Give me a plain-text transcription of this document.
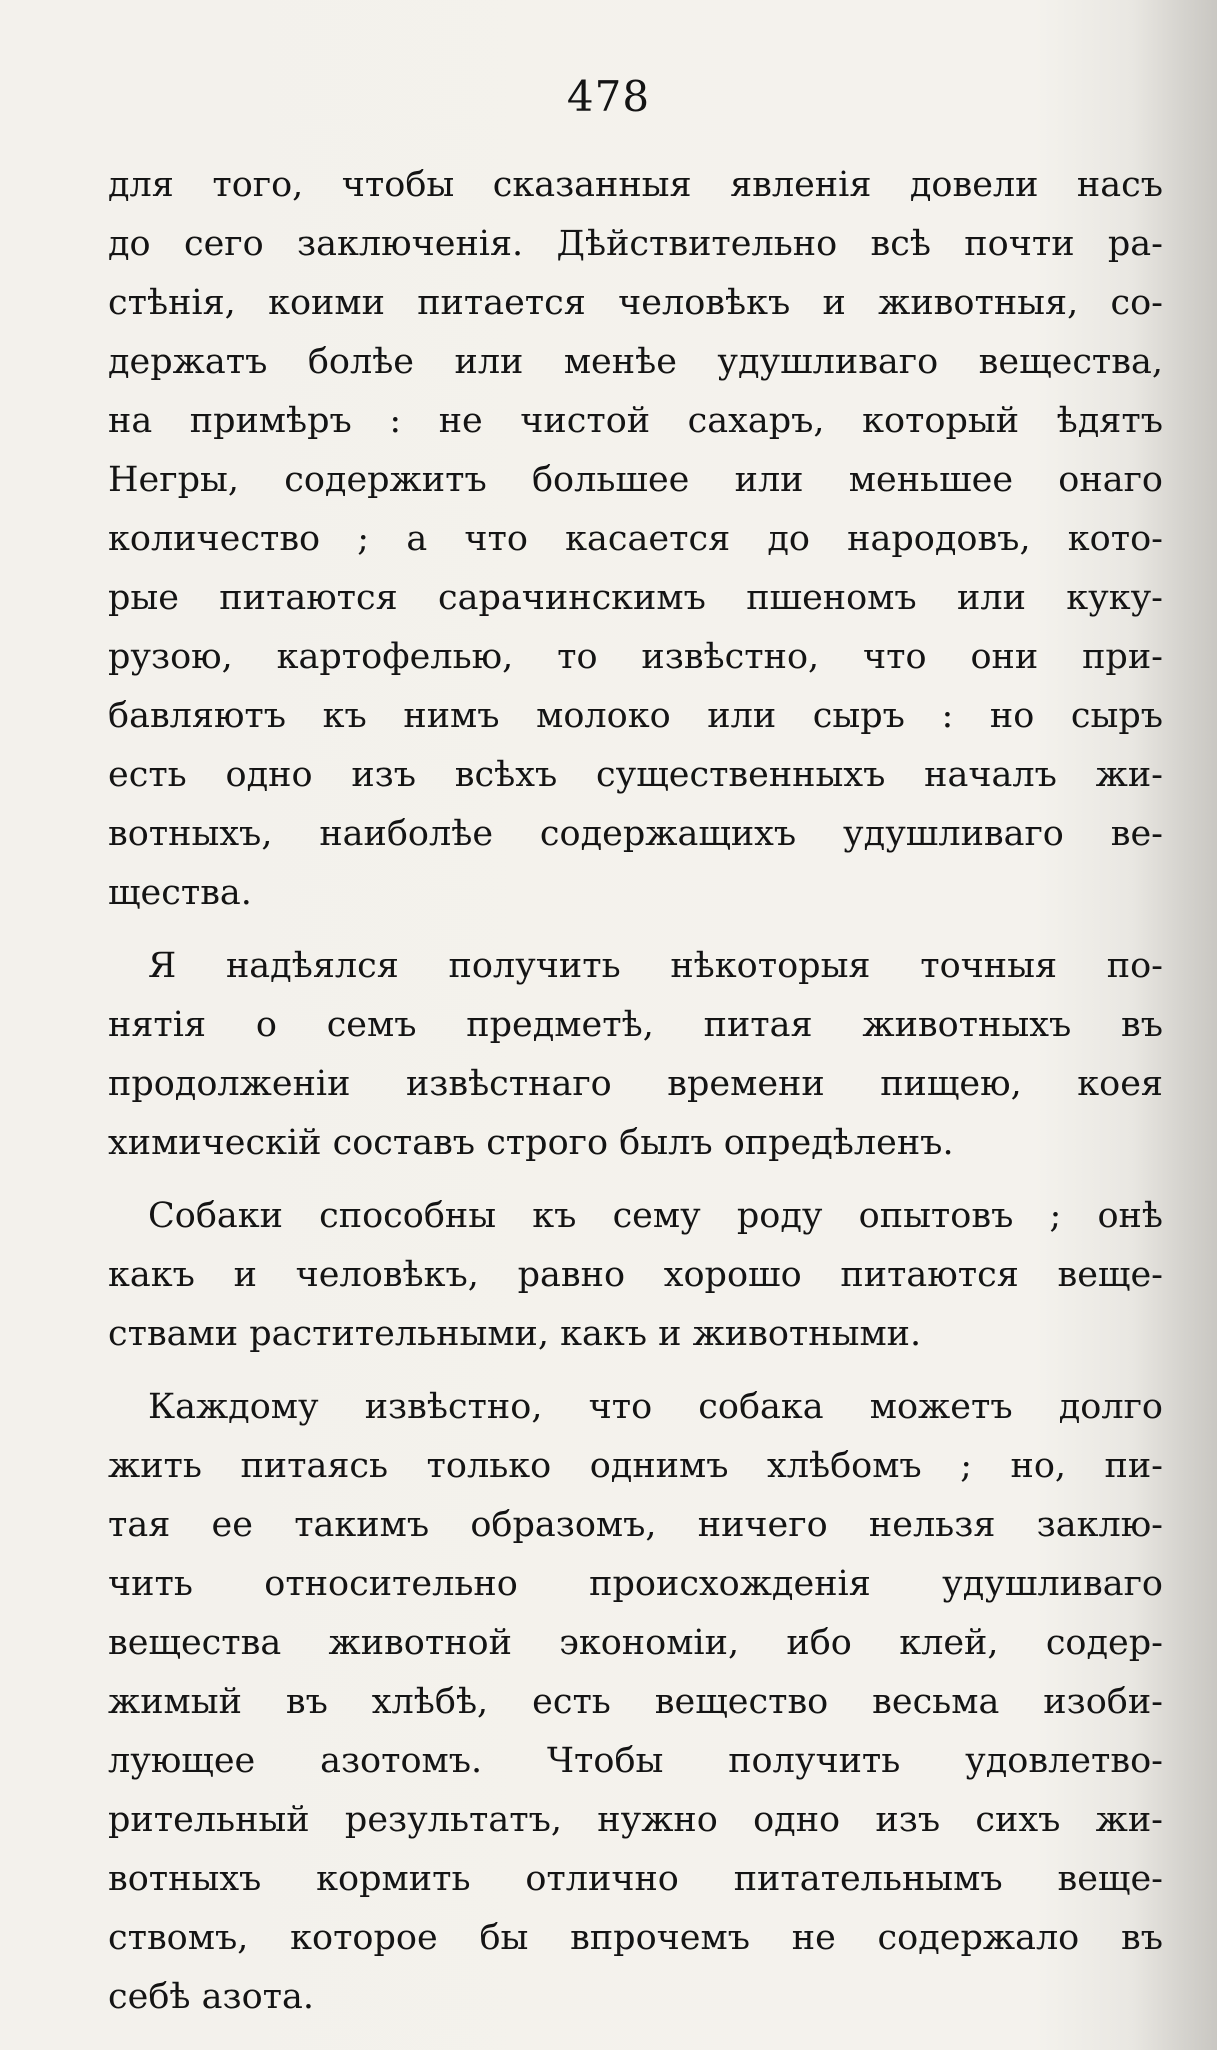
478
для того, чтобы сказанныя явленія довели насъ
до сего заключенія. Дѣйствительно всѣ почти ра-
стѣнія, коими питается человѣкъ и животныя, со-
держатъ болѣе или менѣе удушливаго вещества,
на примѣръ : не чистой сахаръ, который ѣдятъ
Негры, содержитъ большее или меньшее онаго
количество ; а что касается до народовъ, кото-
рые питаются сарачинскимъ пшеномъ или куку-
рузою, картофелью, то извѣстно, что они при-
бавляютъ къ нимъ молоко или сыръ : но сыръ
есть одно изъ всѣхъ существенныхъ началъ жи-
вотныхъ, наиболѣе содержащихъ удушливаго ве-
щества.
Я надѣялся получить нѣкоторыя точныя по-
нятія о семъ предметѣ, питая животныхъ въ
продолженіи извѣстнаго времени пищею, коея
химическій составъ строго былъ опредѣленъ.
Собаки способны къ сему роду опытовъ ; онѣ
какъ и человѣкъ, равно хорошо питаются веще-
ствами растительными, какъ и животными.
Каждому извѣстно, что собака можетъ долго
жить питаясь только однимъ хлѣбомъ ; но, пи-
тая ее такимъ образомъ, ничего нельзя заклю-
чить относительно происхожденія удушливаго
вещества животной экономіи, ибо клей, содер-
жимый въ хлѣбѣ, есть вещество весьма изоби-
лующее азотомъ. Чтобы получить удовлетво-
рительный результатъ, нужно одно изъ сихъ жи-
вотныхъ кормить отлично питательнымъ веще-
ствомъ, которое бы впрочемъ не содержало въ
себѣ азота.
